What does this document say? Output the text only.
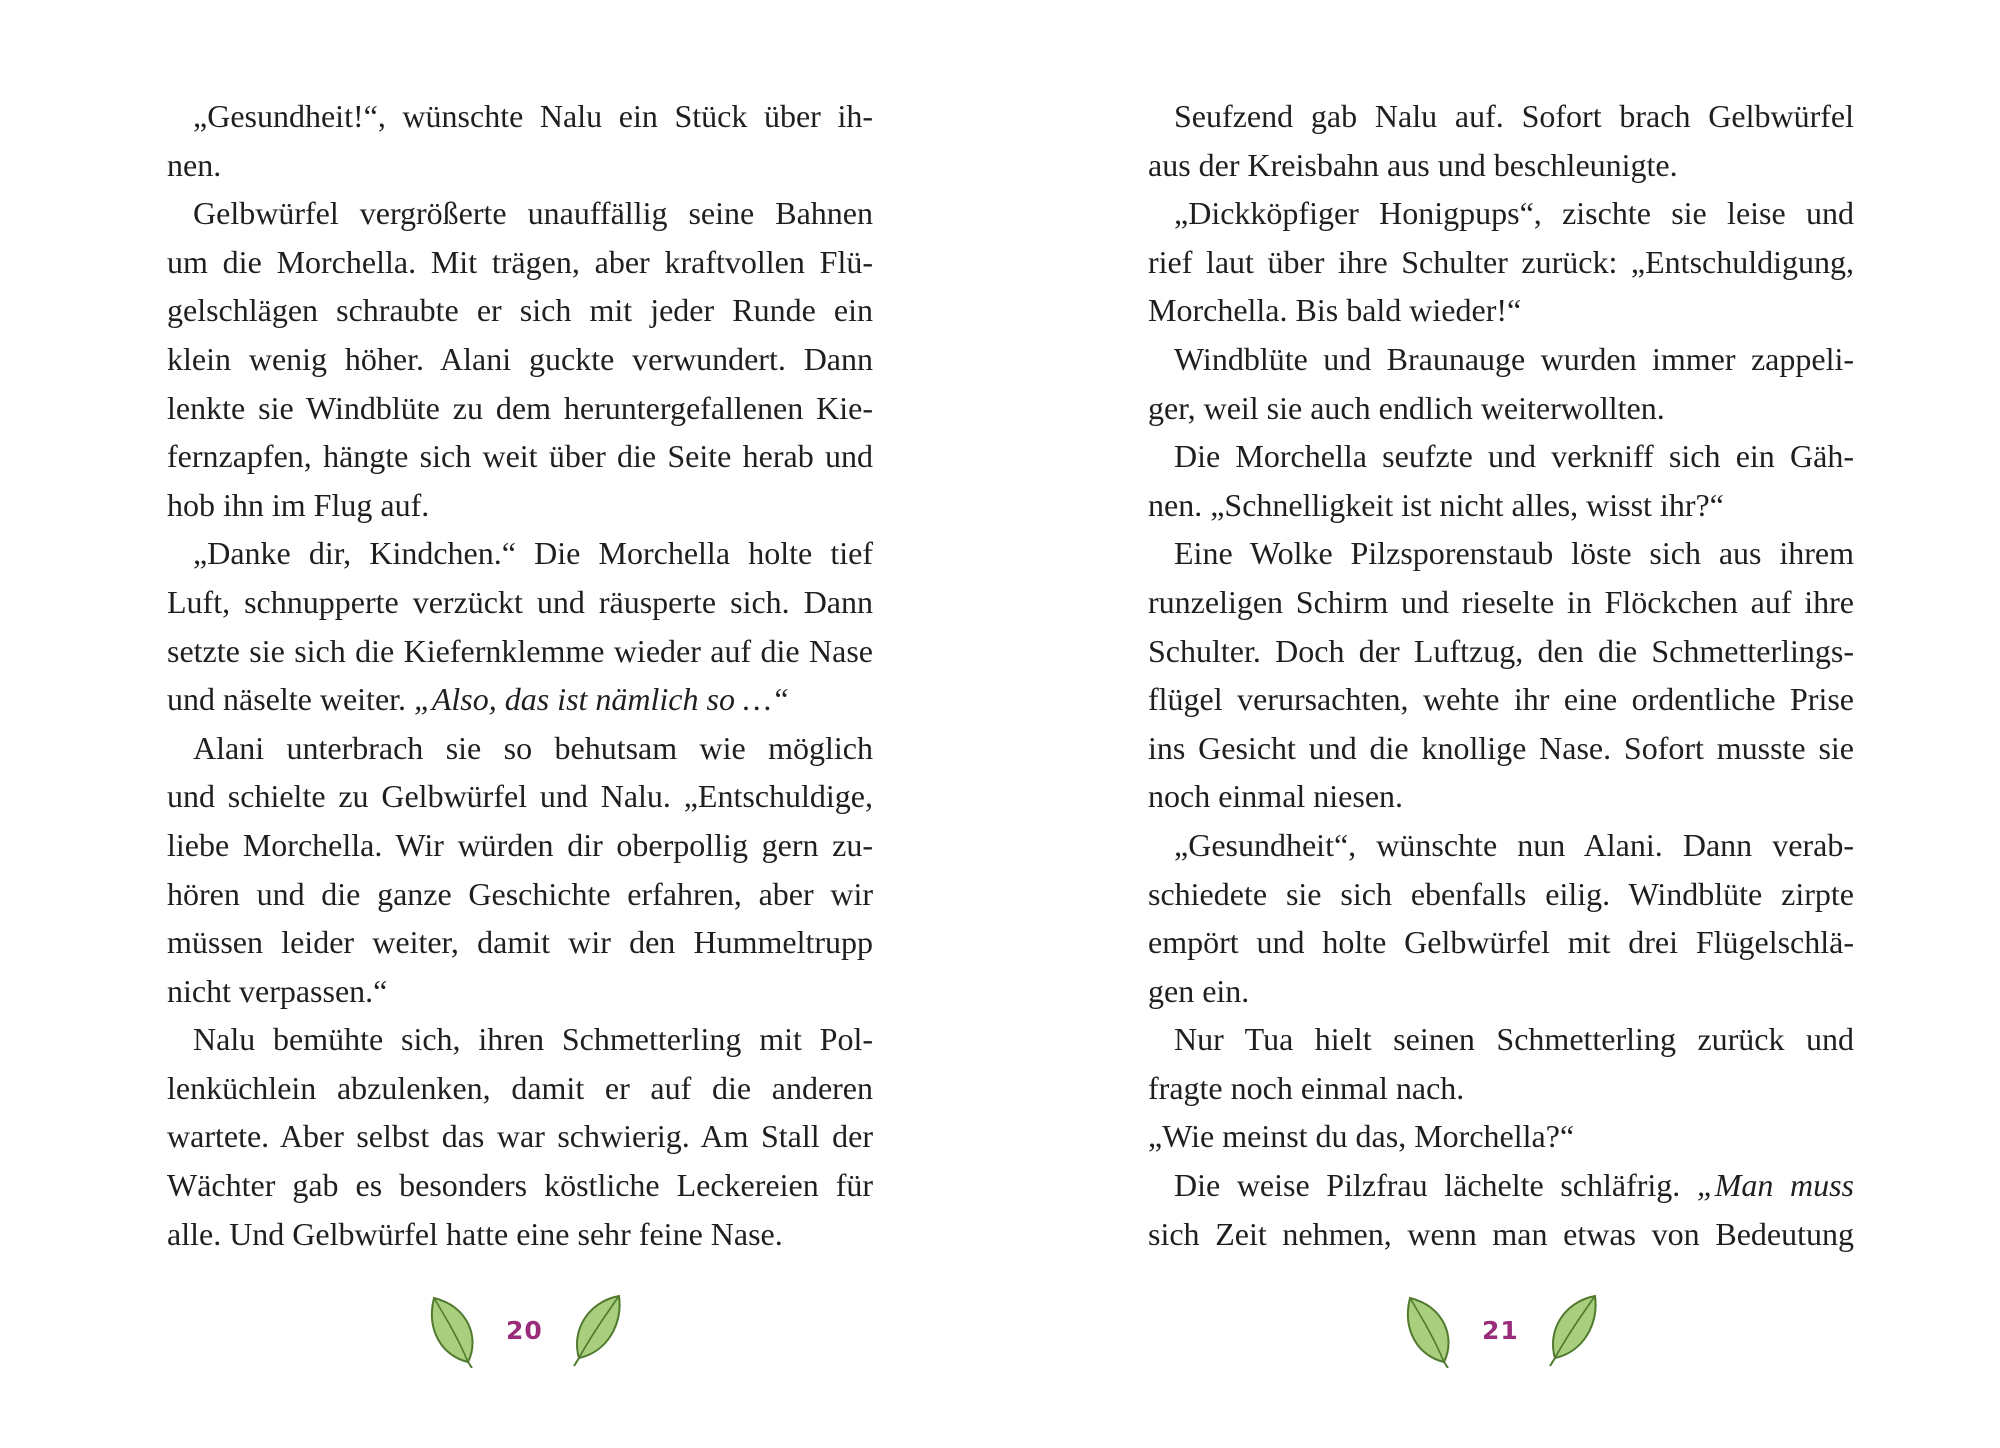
„Gesundheit!“, wünschte Nalu ein Stück über ih-
nen.
Gelbwürfel vergrößerte unauffällig seine Bahnen
um die Morchella. Mit trägen, aber kraftvollen Flü-
gelschlägen schraubte er sich mit jeder Runde ein
klein wenig höher. Alani guckte verwundert. Dann
lenkte sie Windblüte zu dem heruntergefallenen Kie-
fernzapfen, hängte sich weit über die Seite herab und
hob ihn im Flug auf.
„Danke dir, Kindchen.“ Die Morchella holte tief
Luft, schnupperte verzückt und räusperte sich. Dann
setzte sie sich die Kiefernklemme wieder auf die Nase
und näselte weiter. „Also, das ist nämlich so …“
Alani unterbrach sie so behutsam wie möglich
und schielte zu Gelbwürfel und Nalu. „Entschuldige,
liebe Morchella. Wir würden dir oberpollig gern zu-
hören und die ganze Geschichte erfahren, aber wir
müssen leider weiter, damit wir den Hummeltrupp
nicht verpassen.“
Nalu bemühte sich, ihren Schmetterling mit Pol-
lenküchlein abzulenken, damit er auf die anderen
wartete. Aber selbst das war schwierig. Am Stall der
Wächter gab es besonders köstliche Leckereien für
alle. Und Gelbwürfel hatte eine sehr feine Nase.
20
Seufzend gab Nalu auf. Sofort brach Gelbwürfel
aus der Kreisbahn aus und beschleunigte.
„Dickköpfiger Honigpups“, zischte sie leise und
rief laut über ihre Schulter zurück: „Entschuldigung,
Morchella. Bis bald wieder!“
Windblüte und Braunauge wurden immer zappeli-
ger, weil sie auch endlich weiterwollten.
Die Morchella seufzte und verkniff sich ein Gäh-
nen. „Schnelligkeit ist nicht alles, wisst ihr?“
Eine Wolke Pilzsporenstaub löste sich aus ihrem
runzeligen Schirm und rieselte in Flöckchen auf ihre
Schulter. Doch der Luftzug, den die Schmetterlings-
flügel verursachten, wehte ihr eine ordentliche Prise
ins Gesicht und die knollige Nase. Sofort musste sie
noch einmal niesen.
„Gesundheit“, wünschte nun Alani. Dann verab-
schiedete sie sich ebenfalls eilig. Windblüte zirpte
empört und holte Gelbwürfel mit drei Flügelschlä-
gen ein.
Nur Tua hielt seinen Schmetterling zurück und
fragte noch einmal nach.
„Wie meinst du das, Morchella?“
Die weise Pilzfrau lächelte schläfrig. „Man muss
sich Zeit nehmen, wenn man etwas von Bedeutung
21
